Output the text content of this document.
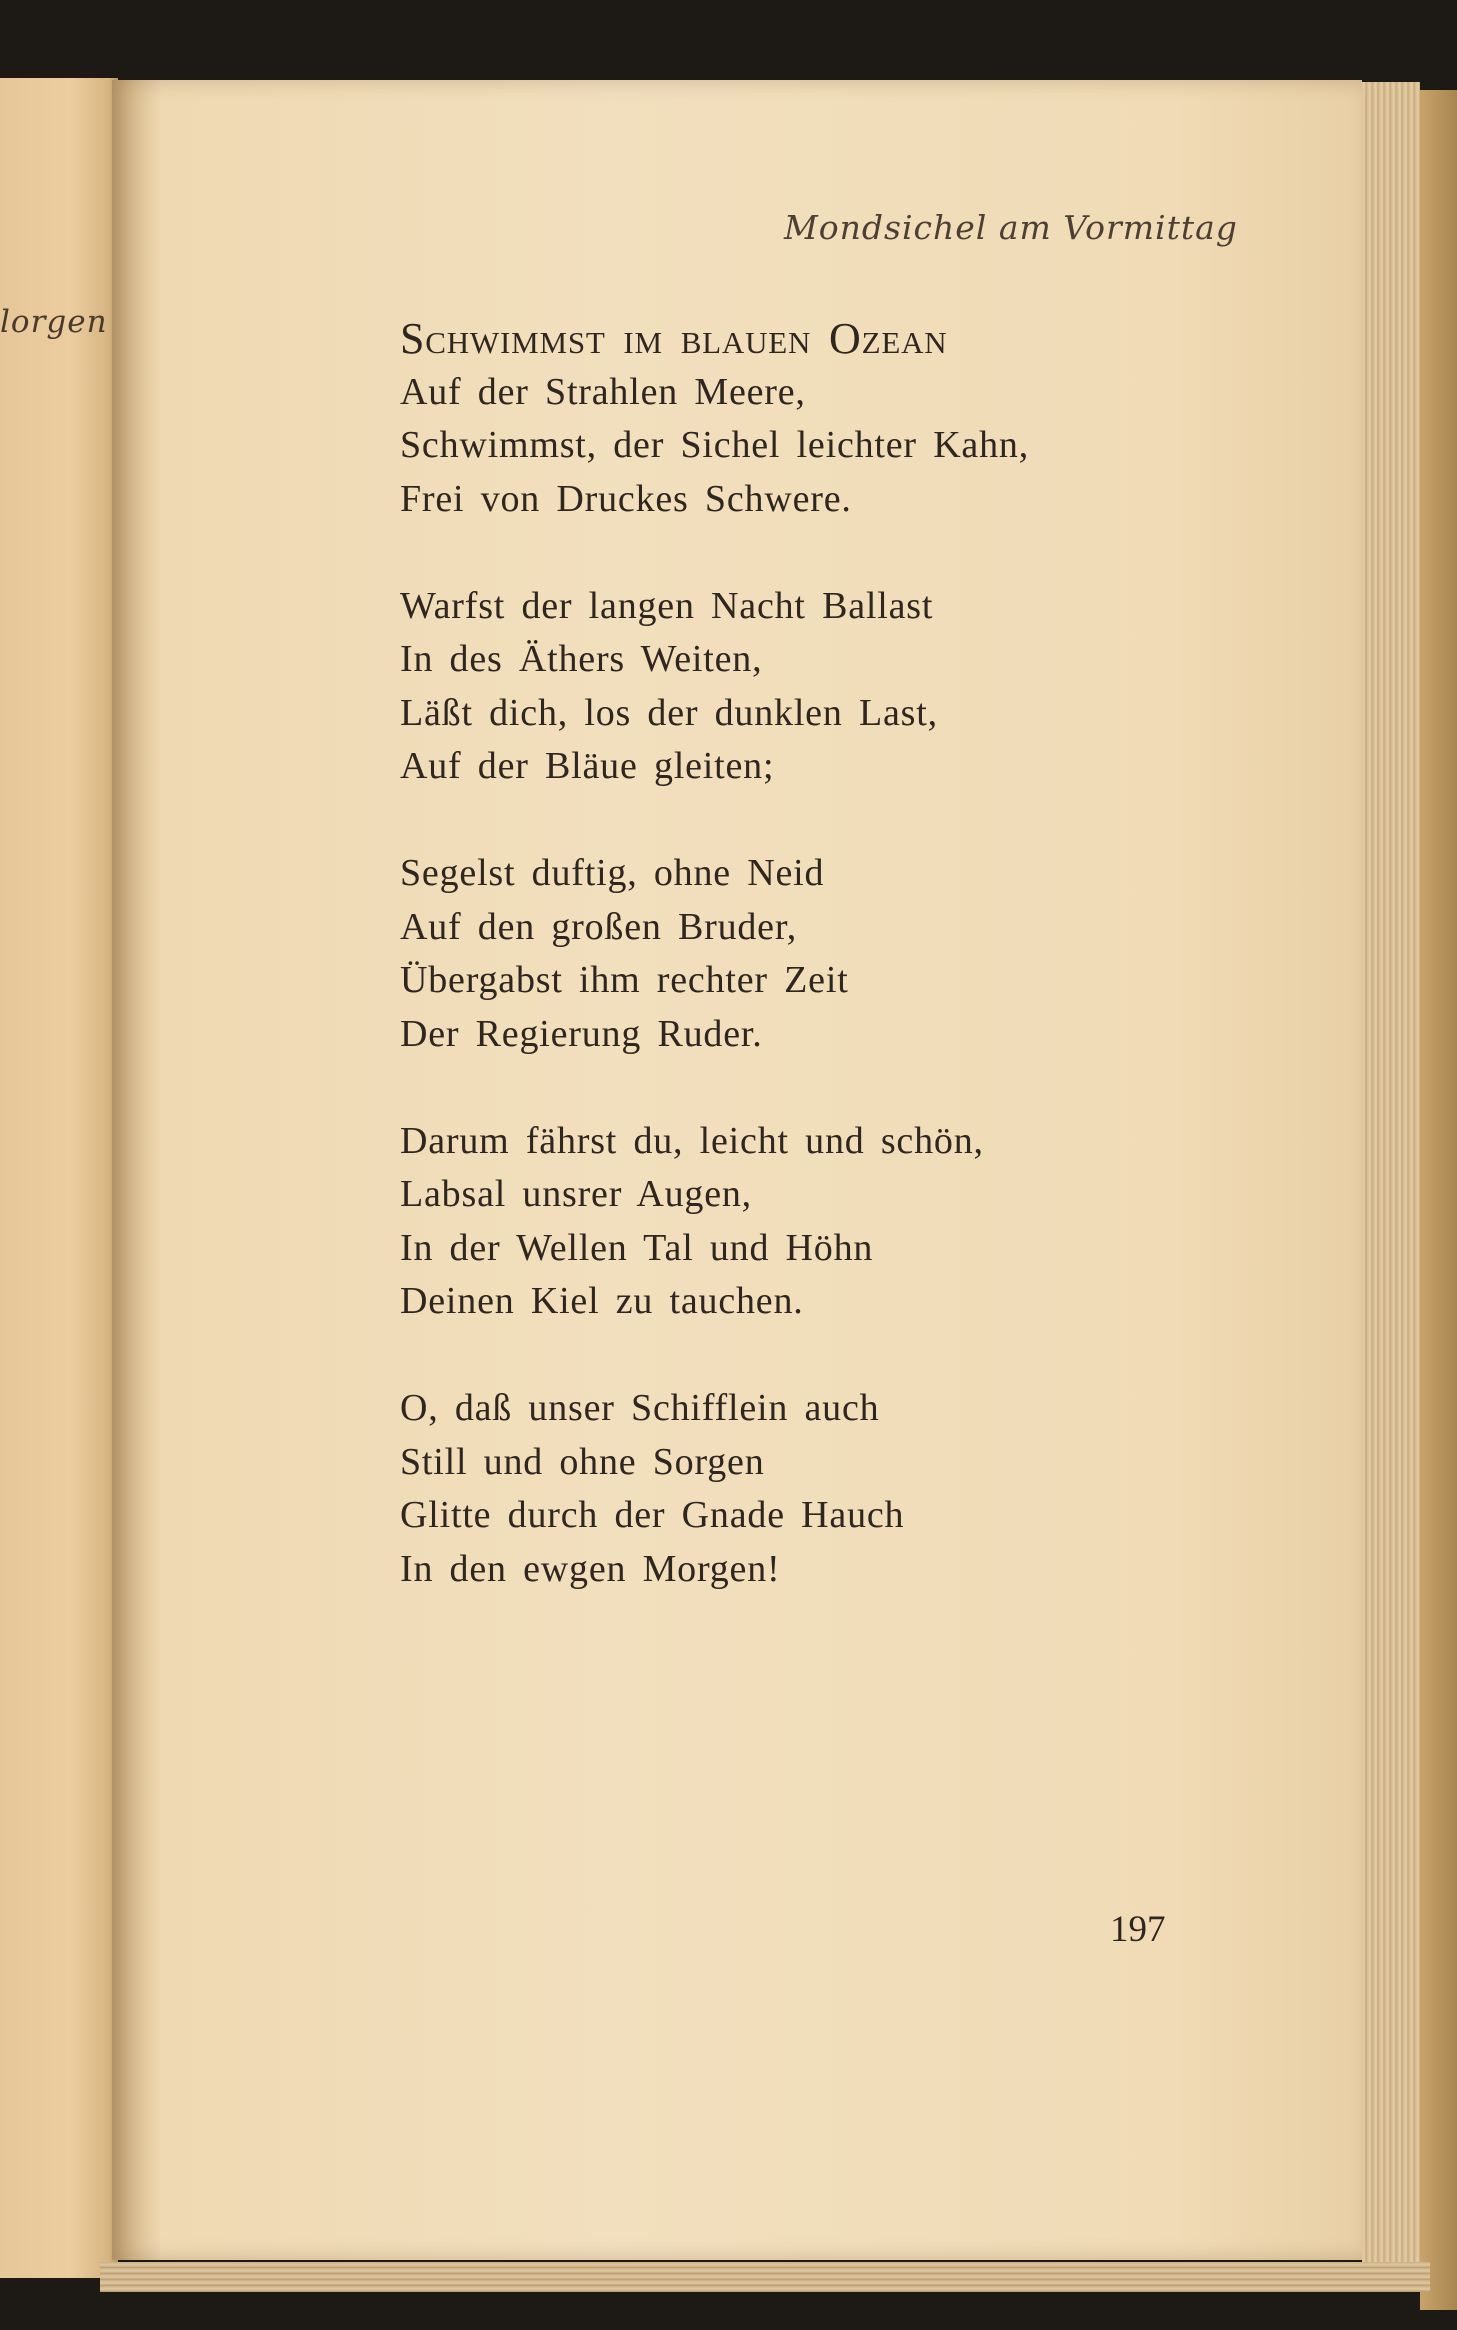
lorgen
Mondsichel am Vormittag
Schwimmst im blauen Ozean
Auf der Strahlen Meere,
Schwimmst, der Sichel leichter Kahn,
Frei von Druckes Schwere.
Warfst der langen Nacht Ballast
In des Äthers Weiten,
Läßt dich, los der dunklen Last,
Auf der Bläue gleiten;
Segelst duftig, ohne Neid
Auf den großen Bruder,
Übergabst ihm rechter Zeit
Der Regierung Ruder.
Darum fährst du, leicht und schön,
Labsal unsrer Augen,
In der Wellen Tal und Höhn
Deinen Kiel zu tauchen.
O, daß unser Schifflein auch
Still und ohne Sorgen
Glitte durch der Gnade Hauch
In den ewgen Morgen!
197
